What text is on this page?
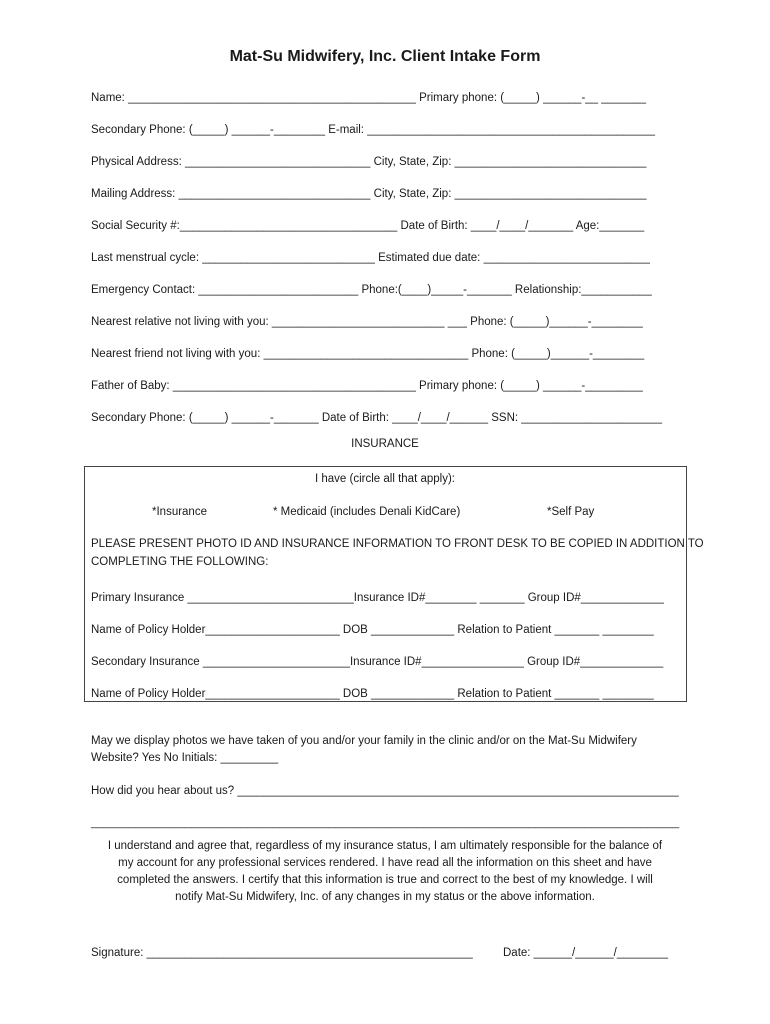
Mat-Su Midwifery, Inc. Client Intake Form
Name: _____________________________________________ Primary phone: (_____) ______-__ _______
Secondary Phone: (_____) ______-________ E-mail: _____________________________________________
Physical Address: _____________________________ City, State, Zip: ______________________________
Mailing Address: ______________________________ City, State, Zip: ______________________________
Social Security #:__________________________________ Date of Birth: ____/____/_______ Age:_______
Last menstrual cycle: ___________________________ Estimated due date: __________________________
Emergency Contact: _________________________ Phone:(____)_____-_______ Relationship:___________
Nearest relative not living with you: ___________________________ ___ Phone: (_____)______-________
Nearest friend not living with you: ________________________________ Phone: (_____)______-________
Father of Baby: ______________________________________ Primary phone: (_____) ______-_________
Secondary Phone: (_____) ______-_______ Date of Birth: ____/____/______ SSN: ______________________
INSURANCE
I have (circle all that apply):
*Insurance	* Medicaid (includes Denali KidCare)	*Self Pay
PLEASE PRESENT PHOTO ID AND INSURANCE INFORMATION TO FRONT DESK TO BE COPIED IN ADDITION TO
COMPLETING THE FOLLOWING:
Primary Insurance __________________________Insurance ID#________ _______ Group ID#_____________
Name of Policy Holder_____________________ DOB _____________ Relation to Patient _______ ________
Secondary Insurance _______________________Insurance ID#________________ Group ID#_____________
Name of Policy Holder_____________________ DOB _____________ Relation to Patient _______ ________
May we display photos we have taken of you and/or your family in the clinic and/or on the Mat-Su Midwifery
Website? Yes No Initials: _________
How did you hear about us? _____________________________________________________________________
______________________________________________________________________________________________
I understand and agree that, regardless of my insurance status, I am ultimately responsible for the balance of
my account for any professional services rendered. I have read all the information on this sheet and have
completed the answers. I certify that this information is true and correct to the best of my knowledge. I will
notify Mat-Su Midwifery, Inc. of any changes in my status or the above information.
Signature: ___________________________________________________	Date: ______/______/________
